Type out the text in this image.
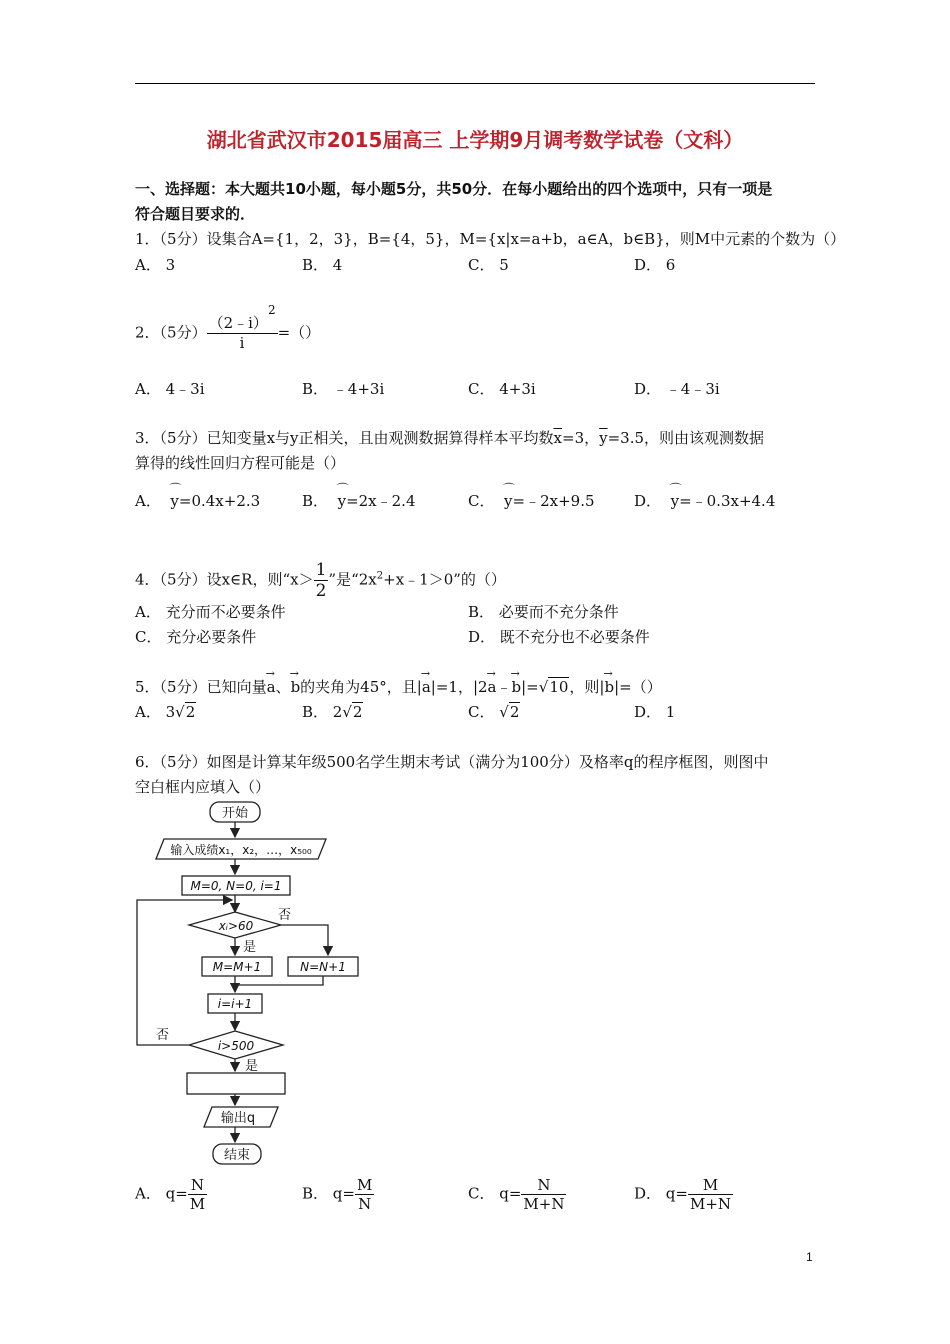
湖北省武汉市2015届高三 上学期9月调考数学试卷（文科）
一、选择题：本大题共10小题，每小题5分，共50分．在每小题给出的四个选项中，只有一项是
符合题目要求的．
1．（5分）设集合A={1，2，3}，B={4，5}，M={x|x=a+b，a∈A，b∈B}，则M中元素的个数为（）
A． 3	B． 4	C． 5	D． 6
2．（5分） $\frac{(2﹣i)^2}{i}$ =（）
A． 4﹣3i	B． ﹣4+3i	C． 4+3i	D． ﹣4﹣3i
3．（5分）已知变量x与y正相关，且由观测数据算得样本平均数$\overline{x}=3$，$\overline{y}=3.5$，则由该观测数据
算得的线性回归方程可能是（）
A． ⌒ y=0.4x+2.3	B． ⌒ y=2x﹣2.4	C． ⌒ y=﹣2x+9.5	D． ⌒ y=﹣0.3x+4.4
4．（5分）设x∈R，则“$x> \frac{1}{2}$ ”是“$2x^2+x﹣1>0$”的（）
A． 充分而不必要条件	B． 必要而不充分条件
C． 充分必要条件	D． 既不充分也不必要条件
5．（5分）已知向量→ a、→ b的夹角为45°，且|→ a|=1，|2→ a﹣→ b|=√10，则|→ b|=（）
A． 3√2	B． 2√2	C． √2	D． 1
6．（5分）如图是计算某年级500名学生期末考试（满分为100分）及格率q的程序框图，则图中
空白框内应填入（）
开始
输入成绩x₁，x₂，…，x₅₀₀
M=0, N=0, i=1
xᵢ>60
否
是
M=M+1	N=N+1
i=i+1
否
i>500
是
输出q
结束
A． $q= \frac{N}{M}$	B． $q= \frac{M}{N}$	C． $q= \frac{N}{M+N}$	D． $q= \frac{M}{M+N}$
1
